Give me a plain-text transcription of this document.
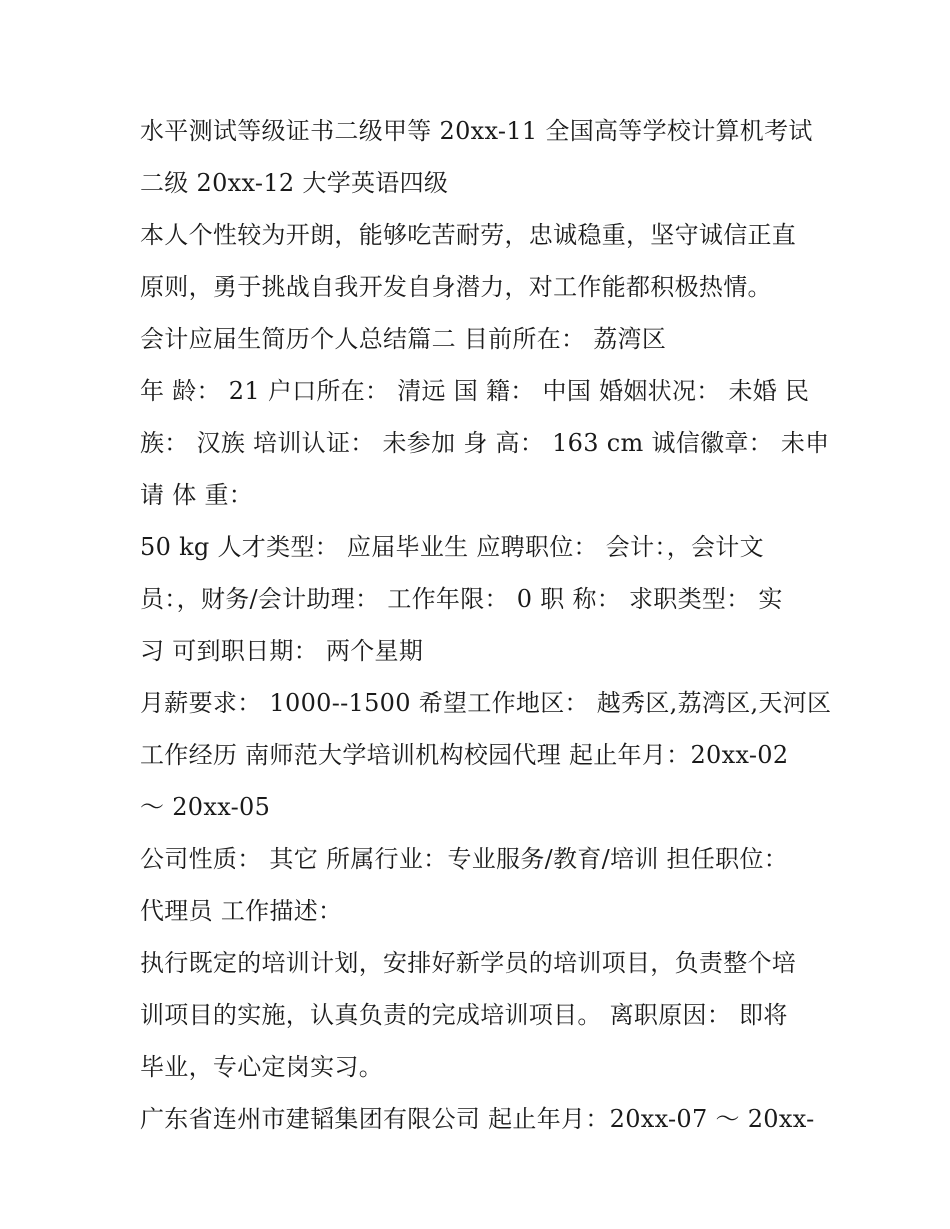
水平测试等级证书二级甲等 20xx-11 全国高等学校计算机考试
二级 20xx-12 大学英语四级
本人个性较为开朗，能够吃苦耐劳，忠诚稳重，坚守诚信正直
原则，勇于挑战自我开发自身潜力，对工作能都积极热情。
会计应届生简历个人总结篇二 目前所在： 荔湾区
年 龄： 21 户口所在： 清远 国 籍： 中国 婚姻状况： 未婚 民
族： 汉族 培训认证： 未参加 身 高： 163 cm 诚信徽章： 未申
请 体 重：
50 kg 人才类型： 应届毕业生 应聘职位： 会计：，会计文
员：，财务/会计助理： 工作年限： 0 职 称： 求职类型： 实
习 可到职日期： 两个星期
月薪要求： 1000--1500 希望工作地区： 越秀区,荔湾区,天河区
工作经历 南师范大学培训机构校园代理 起止年月：20xx-02
～ 20xx-05
公司性质： 其它 所属行业：专业服务/教育/培训 担任职位：
代理员 工作描述：
执行既定的培训计划，安排好新学员的培训项目，负责整个培
训项目的实施，认真负责的完成培训项目。 离职原因： 即将
毕业，专心定岗实习。
广东省连州市建韬集团有限公司 起止年月：20xx-07 ～ 20xx-
